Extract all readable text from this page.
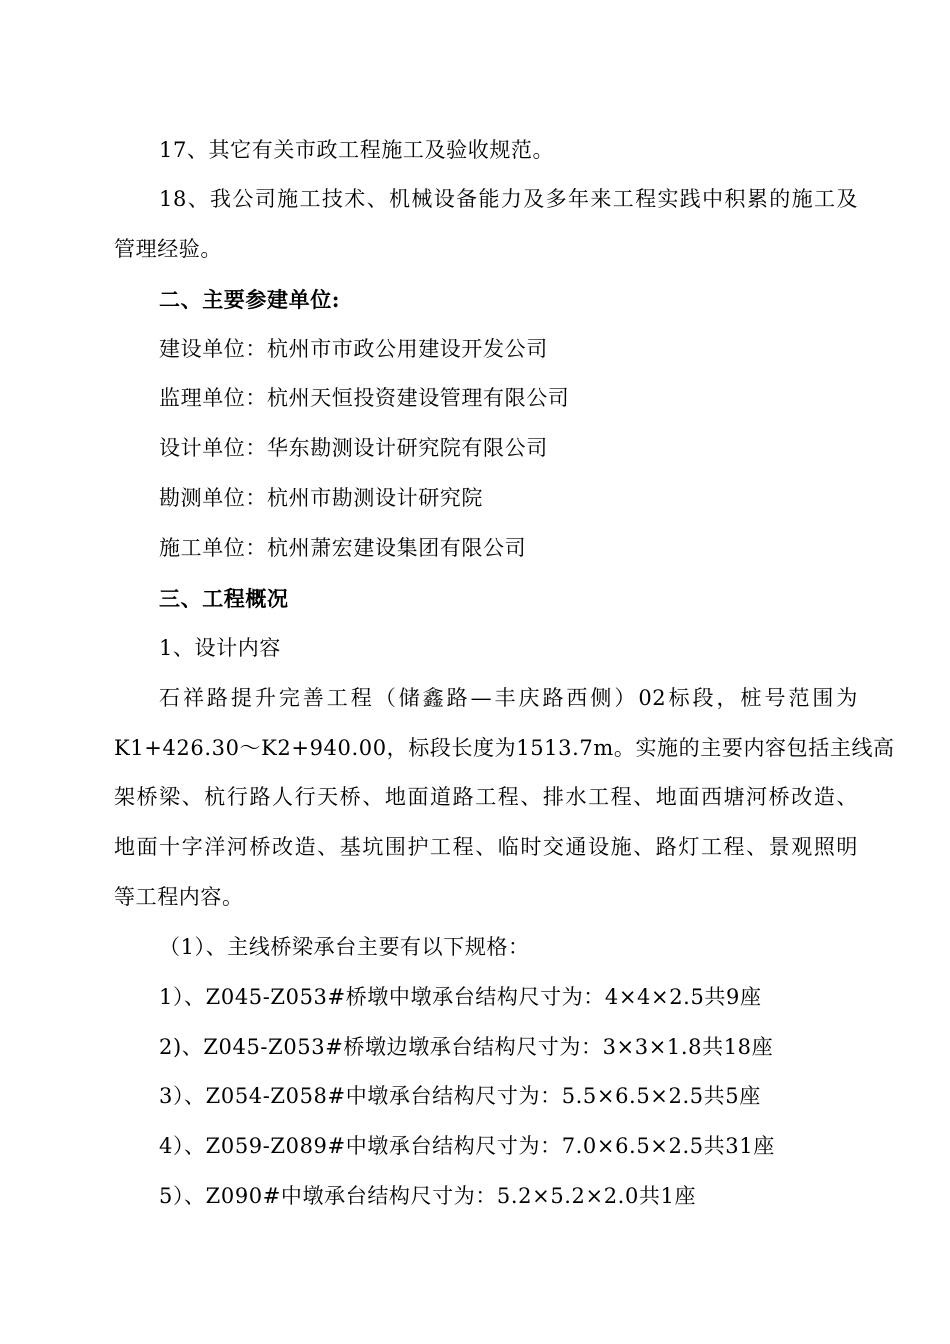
17、其它有关市政工程施工及验收规范。
18、我公司施工技术、机械设备能力及多年来工程实践中积累的施工及
管理经验。
二、主要参建单位:
建设单位：杭州市市政公用建设开发公司
监理单位：杭州天恒投资建设管理有限公司
设计单位：华东勘测设计研究院有限公司
勘测单位：杭州市勘测设计研究院
施工单位：杭州萧宏建设集团有限公司
三、工程概况
1、设计内容
石祥路提升完善工程（储鑫路—丰庆路西侧）02标段，桩号范围为
K1+426.30～K2+940.00，标段长度为1513.7m。实施的主要内容包括主线高
架桥梁、杭行路人行天桥、地面道路工程、排水工程、地面西塘河桥改造、
地面十字洋河桥改造、基坑围护工程、临时交通设施、路灯工程、景观照明
等工程内容。
（1）、主线桥梁承台主要有以下规格：
1）、Z045-Z053#桥墩中墩承台结构尺寸为：4×4×2.5共9座
2)、Z045-Z053#桥墩边墩承台结构尺寸为：3×3×1.8共18座
3）、Z054-Z058#中墩承台结构尺寸为：5.5×6.5×2.5共5座
4）、Z059-Z089#中墩承台结构尺寸为：7.0×6.5×2.5共31座
5）、Z090#中墩承台结构尺寸为：5.2×5.2×2.0共1座
